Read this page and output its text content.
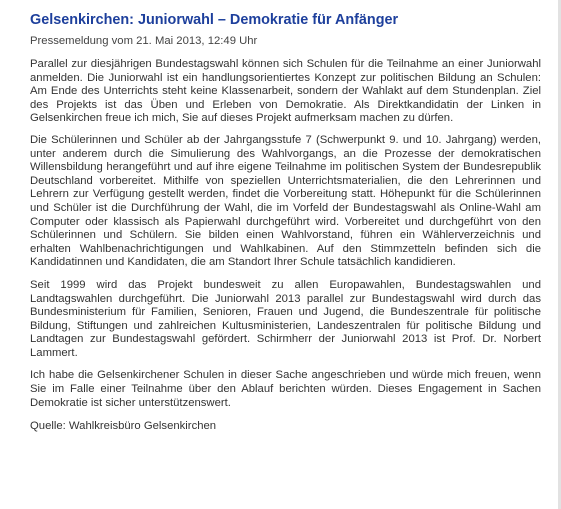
Gelsenkirchen: Juniorwahl – Demokratie für Anfänger
Pressemeldung vom 21. Mai 2013, 12:49 Uhr

Parallel zur diesjährigen Bundestagswahl können sich Schulen für die Teilnahme an einer Juniorwahl anmelden. Die Juniorwahl ist ein handlungsorientiertes Konzept zur politischen Bildung an Schulen: Am Ende des Unterrichts steht keine Klassenarbeit, sondern der Wahlakt auf dem Stundenplan. Ziel des Projekts ist das Üben und Erleben von Demokratie. Als Direktkandidatin der Linken in Gelsenkirchen freue ich mich, Sie auf dieses Projekt aufmerksam machen zu dürfen.

Die Schülerinnen und Schüler ab der Jahrgangsstufe 7 (Schwerpunkt 9. und 10. Jahrgang) werden, unter anderem durch die Simulierung des Wahlvorgangs, an die Prozesse der demokratischen Willensbildung herangeführt und auf ihre eigene Teilnahme im politischen System der Bundesrepublik Deutschland vorbereitet. Mithilfe von speziellen Unterrichtsmaterialien, die den Lehrerinnen und Lehrern zur Verfügung gestellt werden, findet die Vorbereitung statt. Höhepunkt für die Schülerinnen und Schüler ist die Durchführung der Wahl, die im Vorfeld der Bundestagswahl als Online-Wahl am Computer oder klassisch als Papierwahl durchgeführt wird. Vorbereitet und durchgeführt von den Schülerinnen und Schülern. Sie bilden einen Wahlvorstand, führen ein Wählerverzeichnis und erhalten Wahlbenachrichtigungen und Wahlkabinen. Auf den Stimmzetteln befinden sich die Kandidatinnen und Kandidaten, die am Standort Ihrer Schule tatsächlich kandidieren.

Seit 1999 wird das Projekt bundesweit zu allen Europawahlen, Bundestagswahlen und Landtagswahlen durchgeführt. Die Juniorwahl 2013 parallel zur Bundestagswahl wird durch das Bundesministerium für Familien, Senioren, Frauen und Jugend, die Bundeszentrale für politische Bildung, Stiftungen und zahlreichen Kultusministerien, Landeszentralen für politische Bildung und Landtagen zur Bundestagswahl gefördert. Schirmherr der Juniorwahl 2013 ist Prof. Dr. Norbert Lammert.

Ich habe die Gelsenkirchener Schulen in dieser Sache angeschrieben und würde mich freuen, wenn Sie im Falle einer Teilnahme über den Ablauf berichten würden. Dieses Engagement in Sachen Demokratie ist sicher unterstützenswert.

Quelle: Wahlkreisbüro Gelsenkirchen
